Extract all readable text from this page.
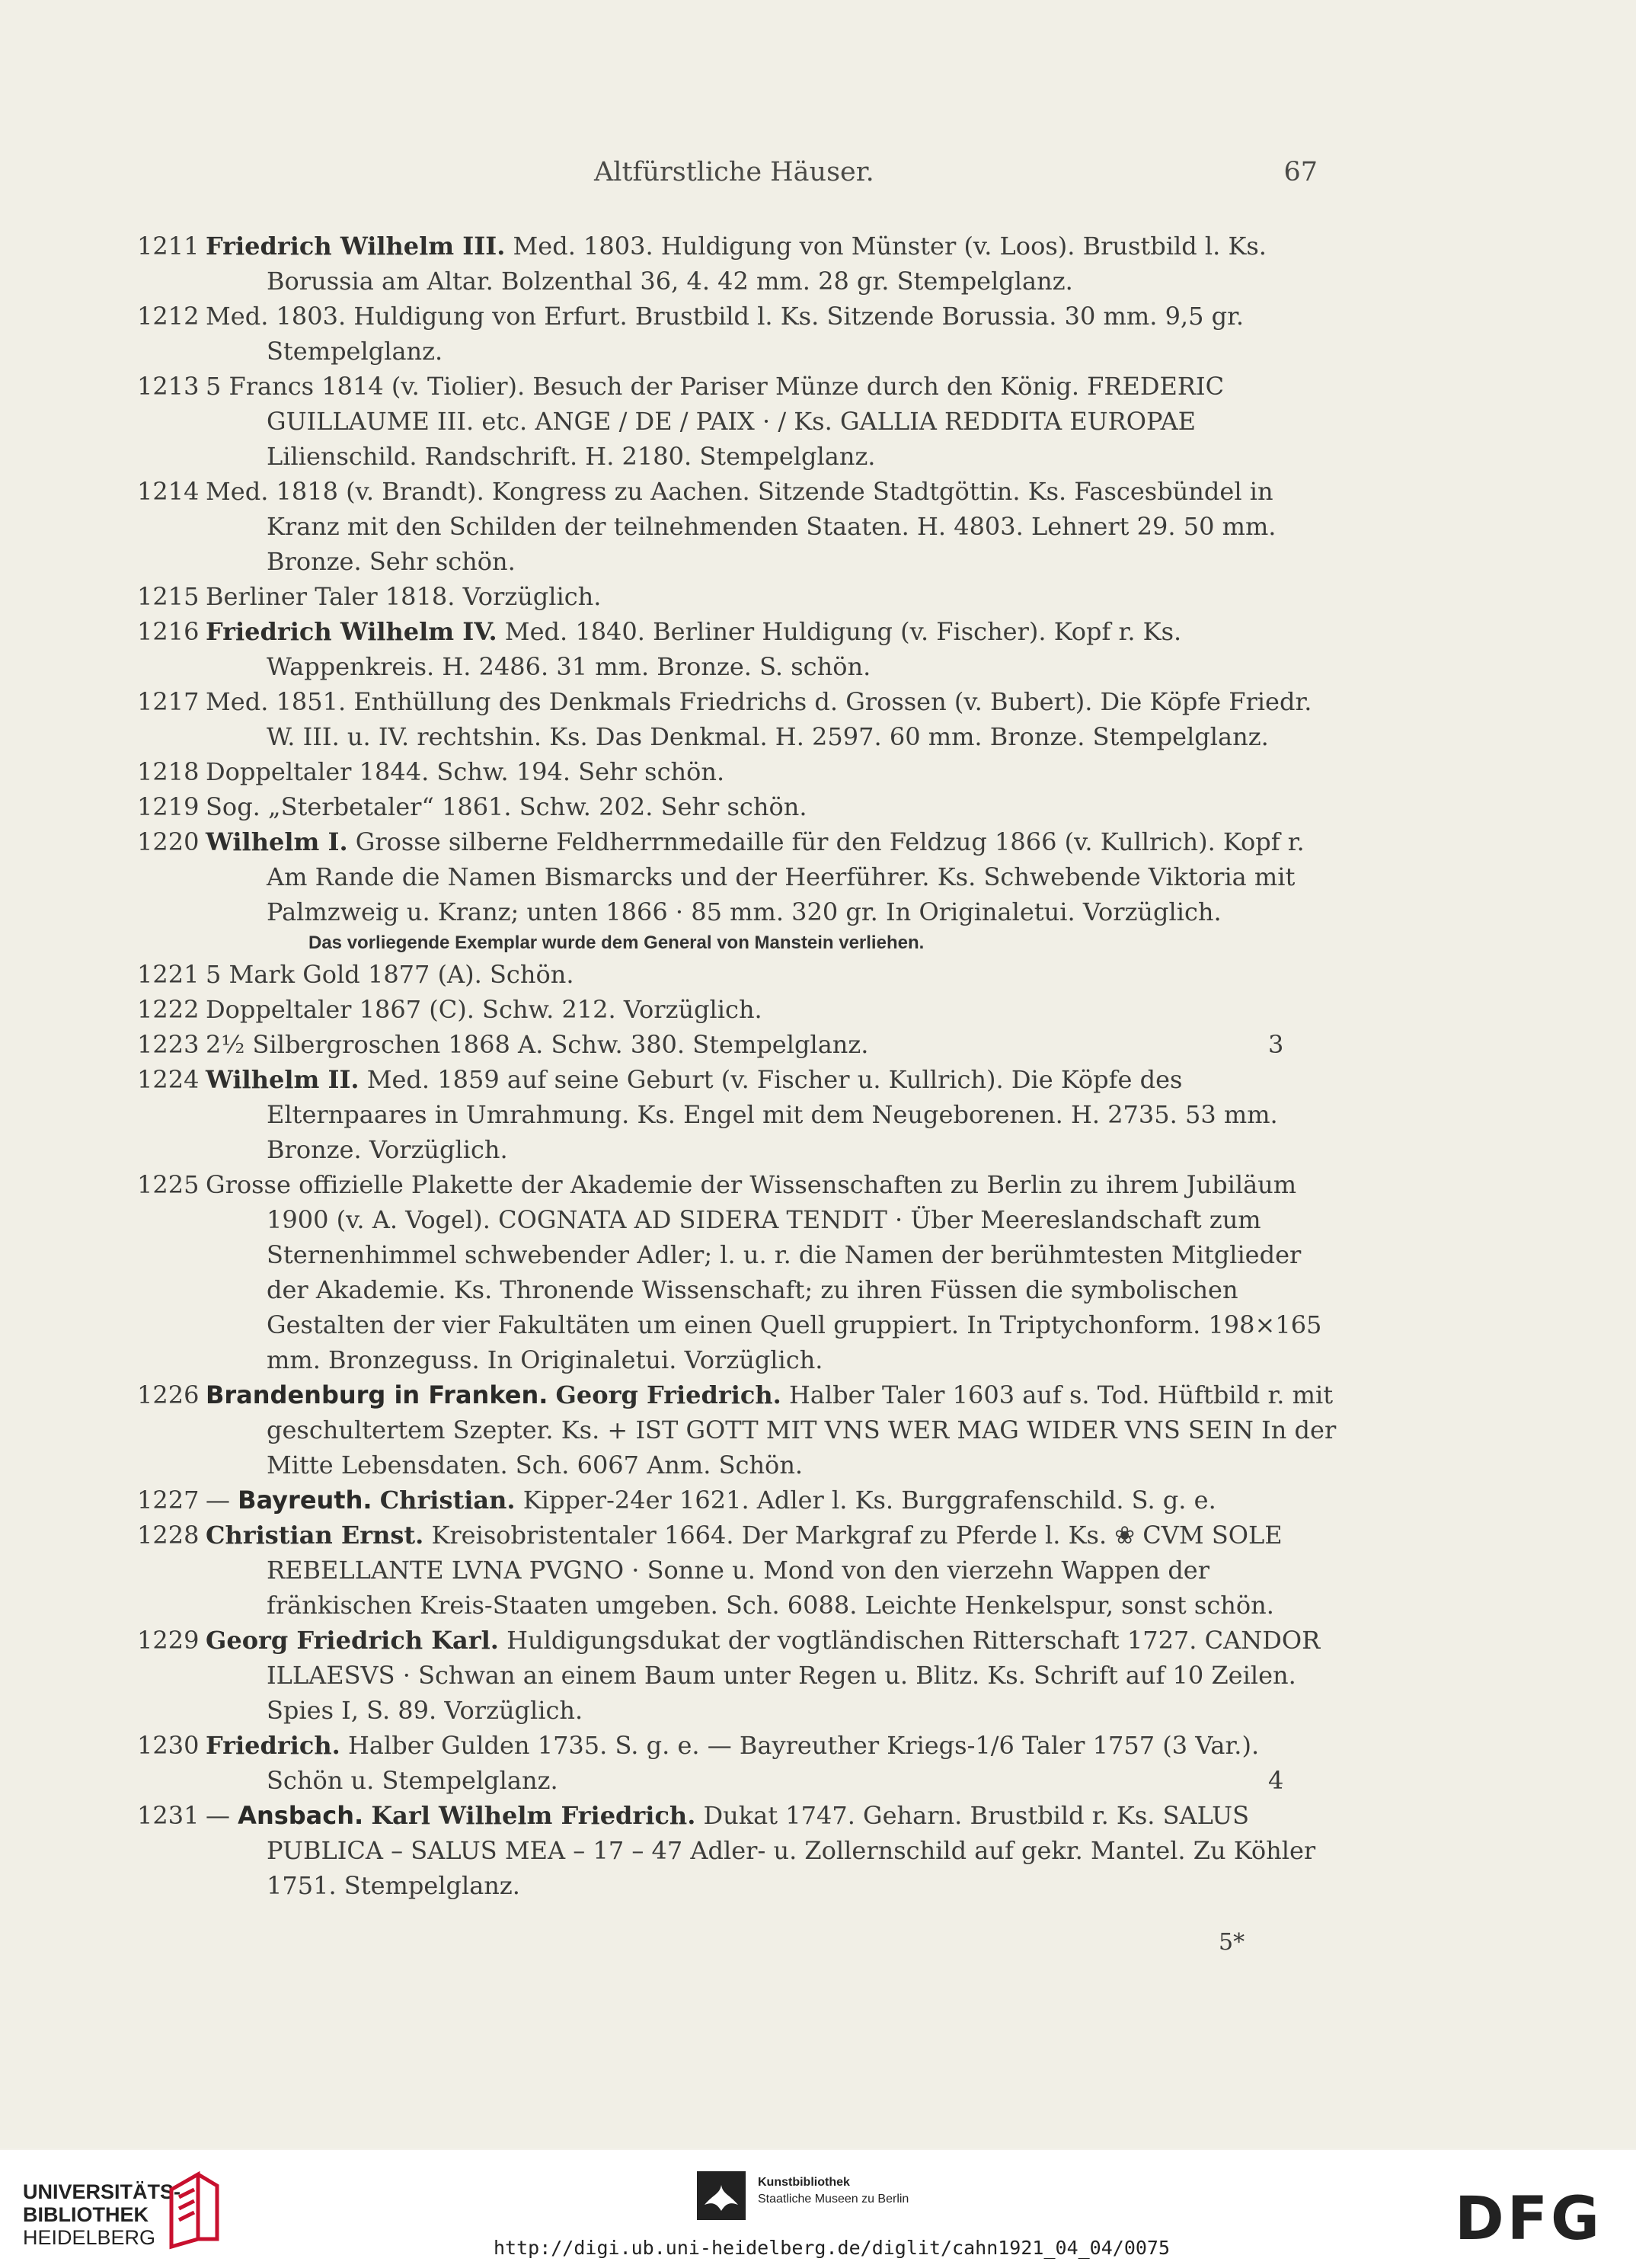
Altfürstliche Häuser.	67
1211 Friedrich Wilhelm III. Med. 1803. Huldigung von Münster (v. Loos). Brustbild l. Ks. Borussia am Altar. Bolzenthal 36, 4. 42 mm. 28 gr. Stempelglanz.
1212 Med. 1803. Huldigung von Erfurt. Brustbild l. Ks. Sitzende Borussia. 30 mm. 9,5 gr. Stempelglanz.
1213 5 Francs 1814 (v. Tiolier). Besuch der Pariser Münze durch den König. FREDERIC GUILLAUME III. etc. ANGE / DE / PAIX · / Ks. GALLIA REDDITA EUROPAE Lilienschild. Randschrift. H. 2180. Stempelglanz.
1214 Med. 1818 (v. Brandt). Kongress zu Aachen. Sitzende Stadtgöttin. Ks. Fascesbündel in Kranz mit den Schilden der teilnehmenden Staaten. H. 4803. Lehnert 29. 50 mm. Bronze. Sehr schön.
1215 Berliner Taler 1818. Vorzüglich.
1216 Friedrich Wilhelm IV. Med. 1840. Berliner Huldigung (v. Fischer). Kopf r. Ks. Wappenkreis. H. 2486. 31 mm. Bronze. S. schön.
1217 Med. 1851. Enthüllung des Denkmals Friedrichs d. Grossen (v. Bubert). Die Köpfe Friedr. W. III. u. IV. rechtshin. Ks. Das Denkmal. H. 2597. 60 mm. Bronze. Stempelglanz.
1218 Doppeltaler 1844. Schw. 194. Sehr schön.
1219 Sog. „Sterbetaler“ 1861. Schw. 202. Sehr schön.
1220 Wilhelm I. Grosse silberne Feldherrnmedaille für den Feldzug 1866 (v. Kullrich). Kopf r. Am Rande die Namen Bismarcks und der Heerführer. Ks. Schwebende Viktoria mit Palmzweig u. Kranz; unten 1866 · 85 mm. 320 gr. In Originaletui. Vorzüglich.
Das vorliegende Exemplar wurde dem General von Manstein verliehen.
1221 5 Mark Gold 1877 (A). Schön.
1222 Doppeltaler 1867 (C). Schw. 212. Vorzüglich.
1223 2½ Silbergroschen 1868 A. Schw. 380. Stempelglanz.	3
1224 Wilhelm II. Med. 1859 auf seine Geburt (v. Fischer u. Kullrich). Die Köpfe des Elternpaares in Umrahmung. Ks. Engel mit dem Neugeborenen. H. 2735. 53 mm. Bronze. Vorzüglich.
1225 Grosse offizielle Plakette der Akademie der Wissenschaften zu Berlin zu ihrem Jubiläum 1900 (v. A. Vogel). COGNATA AD SIDERA TENDIT · Über Meereslandschaft zum Sternenhimmel schwebender Adler; l. u. r. die Namen der berühmtesten Mitglieder der Akademie. Ks. Thronende Wissenschaft; zu ihren Füssen die symbolischen Gestalten der vier Fakultäten um einen Quell gruppiert. In Triptychonform. 198×165 mm. Bronzeguss. In Originaletui. Vorzüglich.
1226 Brandenburg in Franken. Georg Friedrich. Halber Taler 1603 auf s. Tod. Hüftbild r. mit geschultertem Szepter. Ks. + IST GOTT MIT VNS WER MAG WIDER VNS SEIN In der Mitte Lebensdaten. Sch. 6067 Anm. Schön.
1227 — Bayreuth. Christian. Kipper-24er 1621. Adler l. Ks. Burggrafenschild. S. g. e.
1228 Christian Ernst. Kreisobristentaler 1664. Der Markgraf zu Pferde l. Ks. ❀ CVM SOLE REBELLANTE LVNA PVGNO · Sonne u. Mond von den vierzehn Wappen der fränkischen Kreis-Staaten umgeben. Sch. 6088. Leichte Henkelspur, sonst schön.
1229 Georg Friedrich Karl. Huldigungsdukat der vogtländischen Ritterschaft 1727. CANDOR ILLAESVS · Schwan an einem Baum unter Regen u. Blitz. Ks. Schrift auf 10 Zeilen. Spies I, S. 89. Vorzüglich.
1230 Friedrich. Halber Gulden 1735. S. g. e. — Bayreuther Kriegs-1/6 Taler 1757 (3 Var.). Schön u. Stempelglanz.	4
1231 — Ansbach. Karl Wilhelm Friedrich. Dukat 1747. Geharn. Brustbild r. Ks. SALUS PUBLICA – SALUS MEA – 17 – 47 Adler- u. Zollernschild auf gekr. Mantel. Zu Köhler 1751. Stempelglanz.
5*
UNIVERSITÄTS-
BIBLIOTHEK
HEIDELBERG
Kunstbibliothek
Staatliche Museen zu Berlin	DFG
http://digi.ub.uni-heidelberg.de/diglit/cahn1921_04_04/0075
